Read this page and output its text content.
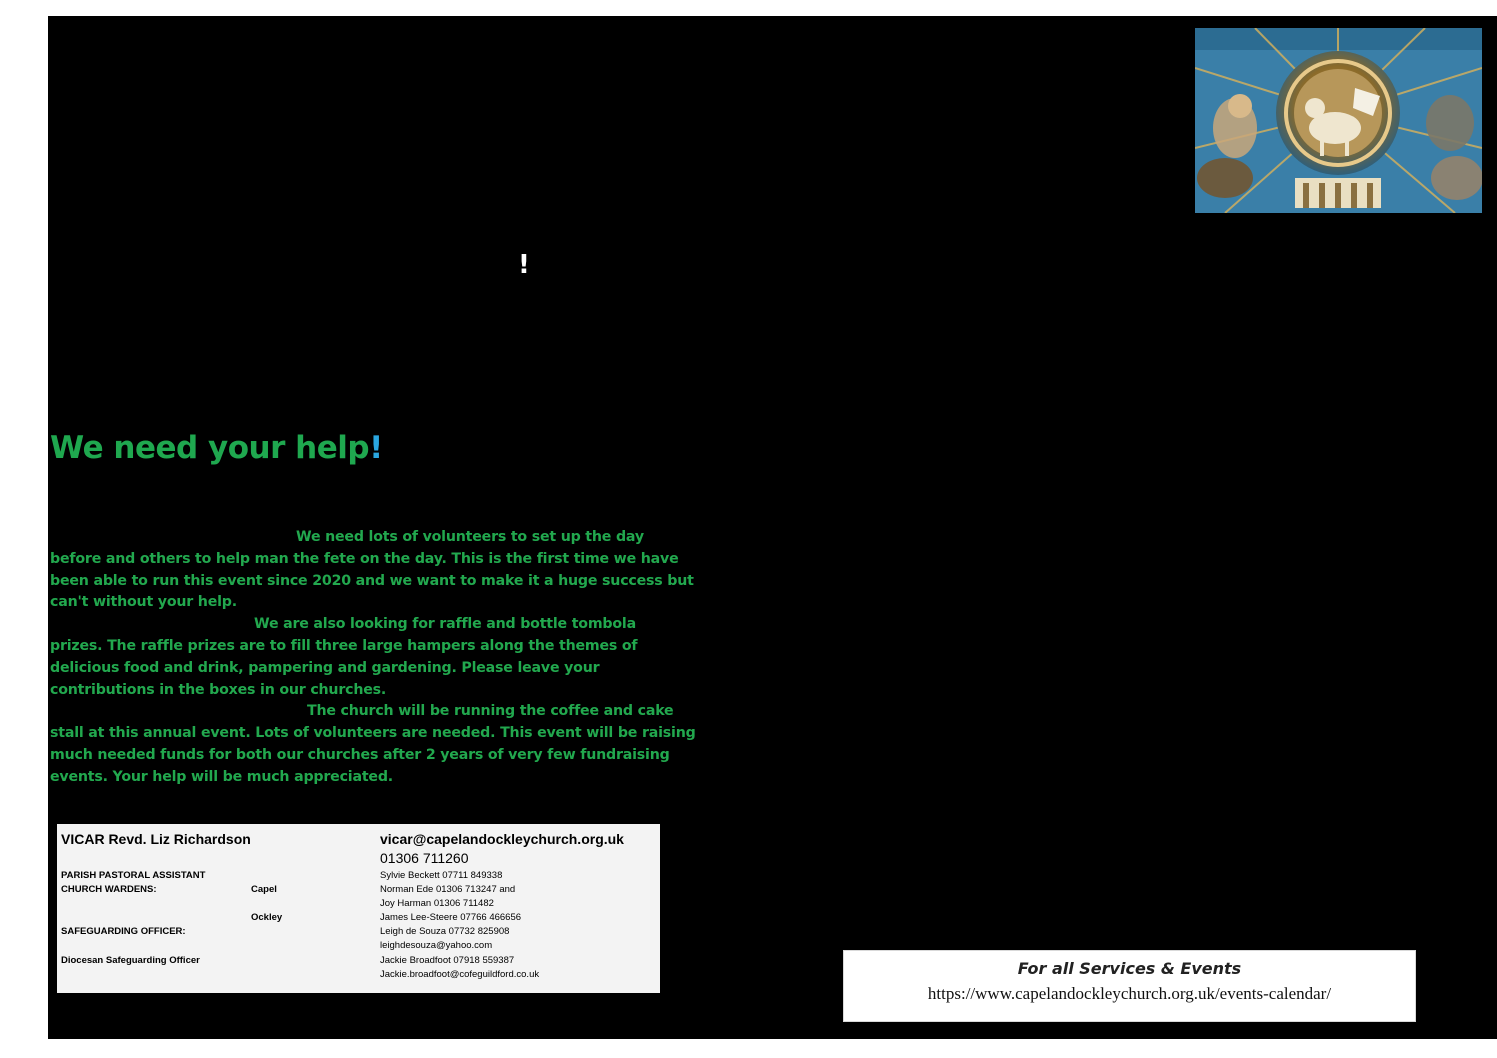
!
We need your help!

We need lots of volunteers to set up the day

before and others to help man the fete on the day. This is the first time we have

been able to run this event since 2020 and we want to make it a huge success but

can't without your help.

We are also looking for raffle and bottle tombola

prizes. The raffle prizes are to fill three large hampers along the themes of

delicious food and drink, pampering and gardening. Please leave your

contributions in the boxes in our churches.

The church will be running the coffee and cake

stall at this annual event. Lots of volunteers are needed. This event will be raising

much needed funds for both our churches after 2 years of very few fundraising

events. Your help will be much appreciated.

VICAR Revd. Liz Richardson	vicar@capelandockleychurch.org.uk
01306 711260
PARISH PASTORAL ASSISTANT	Sylvie Beckett 07711 849338
CHURCH WARDENS:	Capel	Norman Ede 01306 713247 and
Joy Harman 01306 711482
Ockley	James Lee-Steere 07766 466656
SAFEGUARDING OFFICER:	Leigh de Souza 07732 825908
leighdesouza@yahoo.com
Diocesan Safeguarding Officer	Jackie Broadfoot 07918 559387
Jackie.broadfoot@cofeguildford.co.uk	For all Services & Events
https://www.capelandockleychurch.org.uk/events-calendar/
